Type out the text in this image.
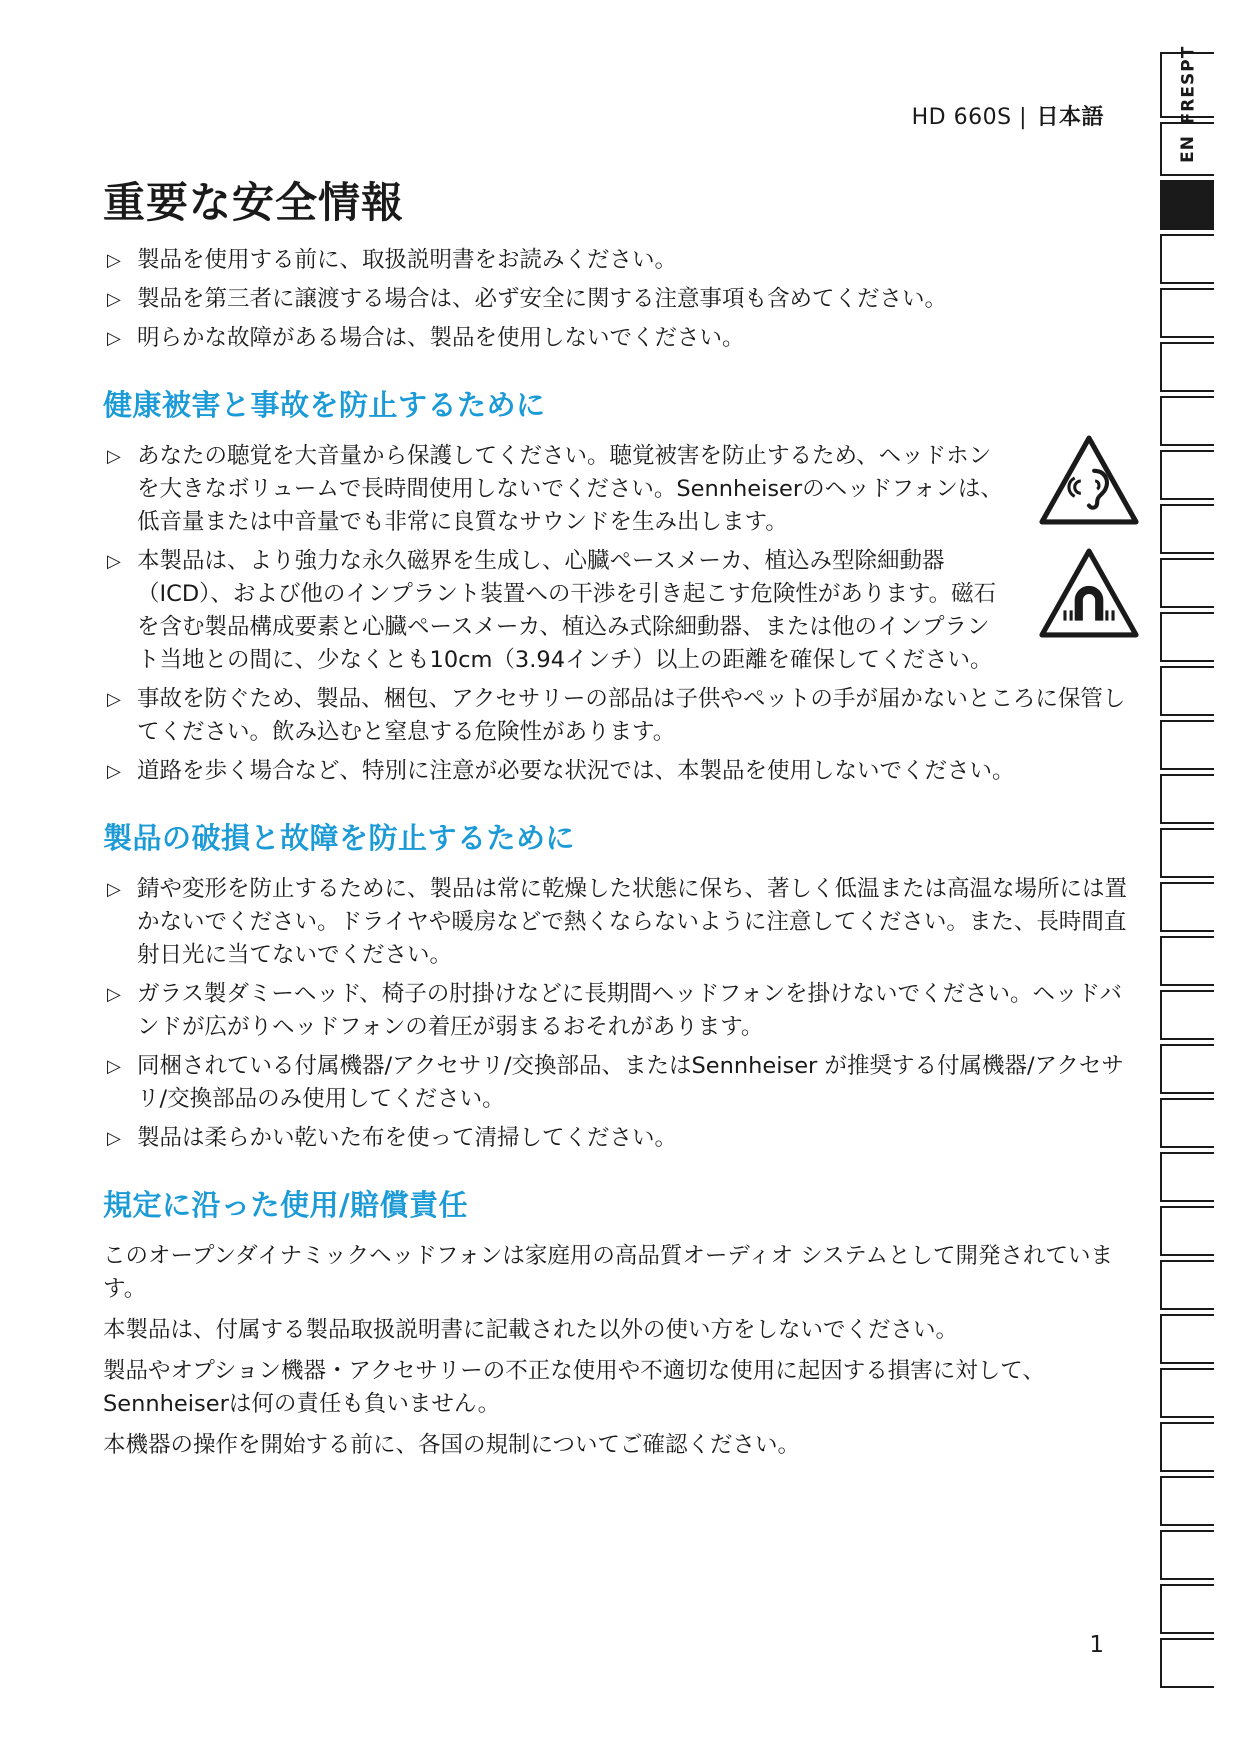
HD 660S | 日本語
重要な安全情報
▷ 製品を使用する前に、取扱説明書をお読みください。
▷ 製品を第三者に譲渡する場合は、必ず安全に関する注意事項も含めてください。
▷ 明らかな故障がある場合は、製品を使用しないでください。
健康被害と事故を防止するために
▷ あなたの聴覚を大音量から保護してください。聴覚被害を防止するため、ヘッドホンを大きなボリュームで長時間使用しないでください。Sennheiserのヘッドフォンは、低音量または中音量でも非常に良質なサウンドを生み出します。
▷ 本製品は、より強力な永久磁界を生成し、心臓ペースメーカ、植込み型除細動器（ICD）、および他のインプラント装置への干渉を引き起こす危険性があります。磁石を含む製品構成要素と心臓ペースメーカ、植込み式除細動器、または他のインプラント当地との間に、少なくとも10cm（3.94インチ）以上の距離を確保してください。
▷ 事故を防ぐため、製品、梱包、アクセサリーの部品は子供やペットの手が届かないところに保管してください。飲み込むと窒息する危険性があります。
▷ 道路を歩く場合など、特別に注意が必要な状況では、本製品を使用しないでください。
製品の破損と故障を防止するために
▷ 錆や変形を防止するために、製品は常に乾燥した状態に保ち、著しく低温または高温な場所には置かないでください。ドライヤや暖房などで熱くならないように注意してください。また、長時間直射日光に当てないでください。
▷ ガラス製ダミーヘッド、椅子の肘掛けなどに長期間ヘッドフォンを掛けないでください。ヘッドバンドが広がりヘッドフォンの着圧が弱まるおそれがあります。
▷ 同梱されている付属機器/アクセサリ/交換部品、またはSennheiser が推奨する付属機器/アクセサリ/交換部品のみ使用してください。
▷ 製品は柔らかい乾いた布を使って清掃してください。
規定に沿った使用/賠償責任

このオープンダイナミックヘッドフォンは家庭用の高品質オーディオ システムとして開発されています。

本製品は、付属する製品取扱説明書に記載された以外の使い方をしないでください。

製品やオプション機器・アクセサリーの不正な使用や不適切な使用に起因する損害に対して、Sennheiserは何の責任も負いません。

本機器の操作を開始する前に、各国の規制についてご確認ください。

FRESPT
EN
1
